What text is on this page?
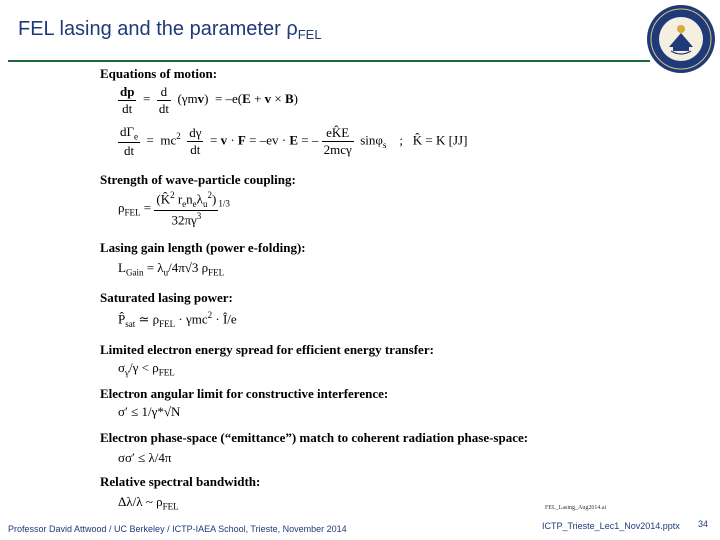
FEL lasing and the parameter $\rho_{FEL}$
Equations of motion:
$\frac{dp}{dt} = \frac{d}{dt} (\gamma mv) = -e(E + v \times B)$
$\frac{d\Gamma_e}{dt} = mc^2 \frac{d\gamma}{dt} = v \cdot F = -ev \cdot E$ = – $\frac{eK̂E}{\text{2mcγ}} \sin\varphi_s$    ;   K̂ = K [JJ]
Strength of wave-particle coupling:
$\rho_{FEL} = \frac{(K̂^2 r_en_e\lambda_u^2)}{32\pi\gamma^3} ^{1/3}$
Lasing gain length (power e-folding):
$L_{Gain} = \lambda_u/4\pi√3$ $\rho_{FEL}$
Saturated lasing power:
$P̂_{sat}$ ≃ $\rho_{FEL} \cdot \gamma mc^2$ · Î/e
Limited electron energy spread for efficient energy transfer:
$\sigma_\gamma/\gamma < \rho_{FEL}$
Electron angular limit for constructive interference:
σ′ ≤ 1/γ*√N
Electron phase-space (“emittance”) match to coherent radiation phase-space:
σσ′ ≤ λ/4π
Relative spectral bandwidth:
Δλ/λ ~ $\rho_{FEL}$	FEL_Lasing_Aug2014.ai
Professor David Attwood / UC Berkeley / ICTP-IAEA School, Trieste, November 2014	ICTP_Trieste_Lec1_Nov2014.pptx 34
